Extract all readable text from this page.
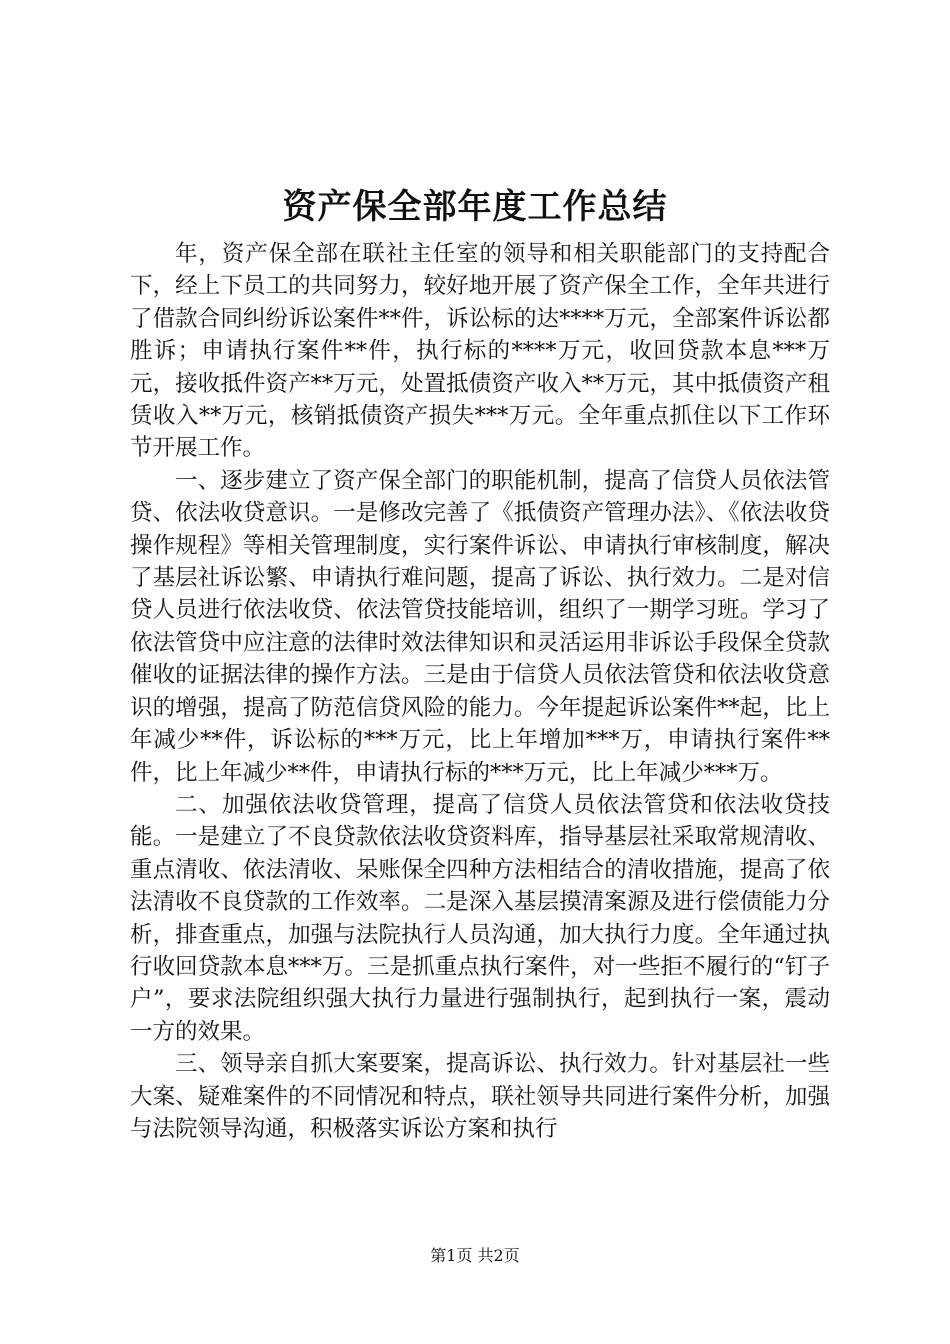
资产保全部年度工作总结

年，资产保全部在联社主任室的领导和相关职能部门的支持配合下，经上下员工的共同努力，较好地开展了资产保全工作，全年共进行了借款合同纠纷诉讼案件**件，诉讼标的达****万元，全部案件诉讼都胜诉；申请执行案件**件，执行标的****万元，收回贷款本息***万元，接收抵件资产**万元，处置抵债资产收入**万元，其中抵债资产租赁收入**万元，核销抵债资产损失***万元。全年重点抓住以下工作环节开展工作。

一、逐步建立了资产保全部门的职能机制，提高了信贷人员依法管贷、依法收贷意识。一是修改完善了《抵债资产管理办法》、《依法收贷操作规程》等相关管理制度，实行案件诉讼、申请执行审核制度，解决了基层社诉讼繁、申请执行难问题，提高了诉讼、执行效力。二是对信贷人员进行依法收贷、依法管贷技能培训，组织了一期学习班。学习了依法管贷中应注意的法律时效法律知识和灵活运用非诉讼手段保全贷款催收的证据法律的操作方法。三是由于信贷人员依法管贷和依法收贷意识的增强，提高了防范信贷风险的能力。今年提起诉讼案件**起，比上年减少**件，诉讼标的***万元，比上年增加***万，申请执行案件**件，比上年减少**件，申请执行标的***万元，比上年减少***万。

二、加强依法收贷管理，提高了信贷人员依法管贷和依法收贷技能。一是建立了不良贷款依法收贷资料库，指导基层社采取常规清收、重点清收、依法清收、呆账保全四种方法相结合的清收措施，提高了依法清收不良贷款的工作效率。二是深入基层摸清案源及进行偿债能力分析，排查重点，加强与法院执行人员沟通，加大执行力度。全年通过执行收回贷款本息***万。三是抓重点执行案件，对一些拒不履行的“钉子户”，要求法院组织强大执行力量进行强制执行，起到执行一案，震动一方的效果。

三、领导亲自抓大案要案，提高诉讼、执行效力。针对基层社一些大案、疑难案件的不同情况和特点，联社领导共同进行案件分析，加强与法院领导沟通，积极落实诉讼方案和执行

第1页 共2页
